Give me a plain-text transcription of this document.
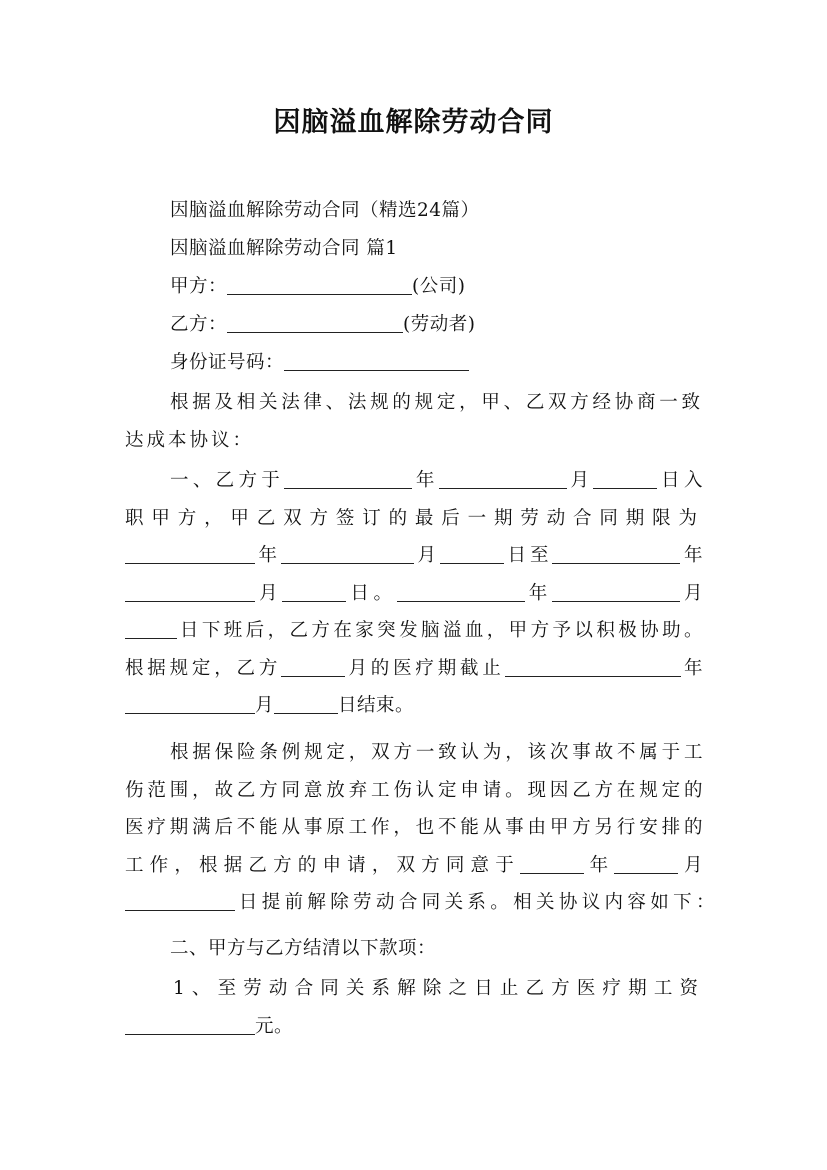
因脑溢血解除劳动合同

因脑溢血解除劳动合同（精选24篇）

因脑溢血解除劳动合同 篇1

甲方：	(公司)

乙方：	(劳动者)

身份证号码：

根据及相关法律、法规的规定，甲、乙双方经协商一致达成本协议：

一、乙方于	年	月	日入
职甲方，甲乙双方签订的最后一期劳动合同期限为
年	月	日至	年
月	日。	年	月
日下班后，乙方在家突发脑溢血，甲方予以积极协助。
根据规定，乙方	月的医疗期截止	年
月	日结束。
根据保险条例规定，双方一致认为，该次事故不属于工
伤范围，故乙方同意放弃工伤认定申请。现因乙方在规定的
医疗期满后不能从事原工作，也不能从事由甲方另行安排的
工作，根据乙方的申请，双方同意于	年	月
日提前解除劳动合同关系。相关协议内容如下：

二、甲方与乙方结清以下款项：

1、至劳动合同关系解除之日止乙方医疗期工资
元。
